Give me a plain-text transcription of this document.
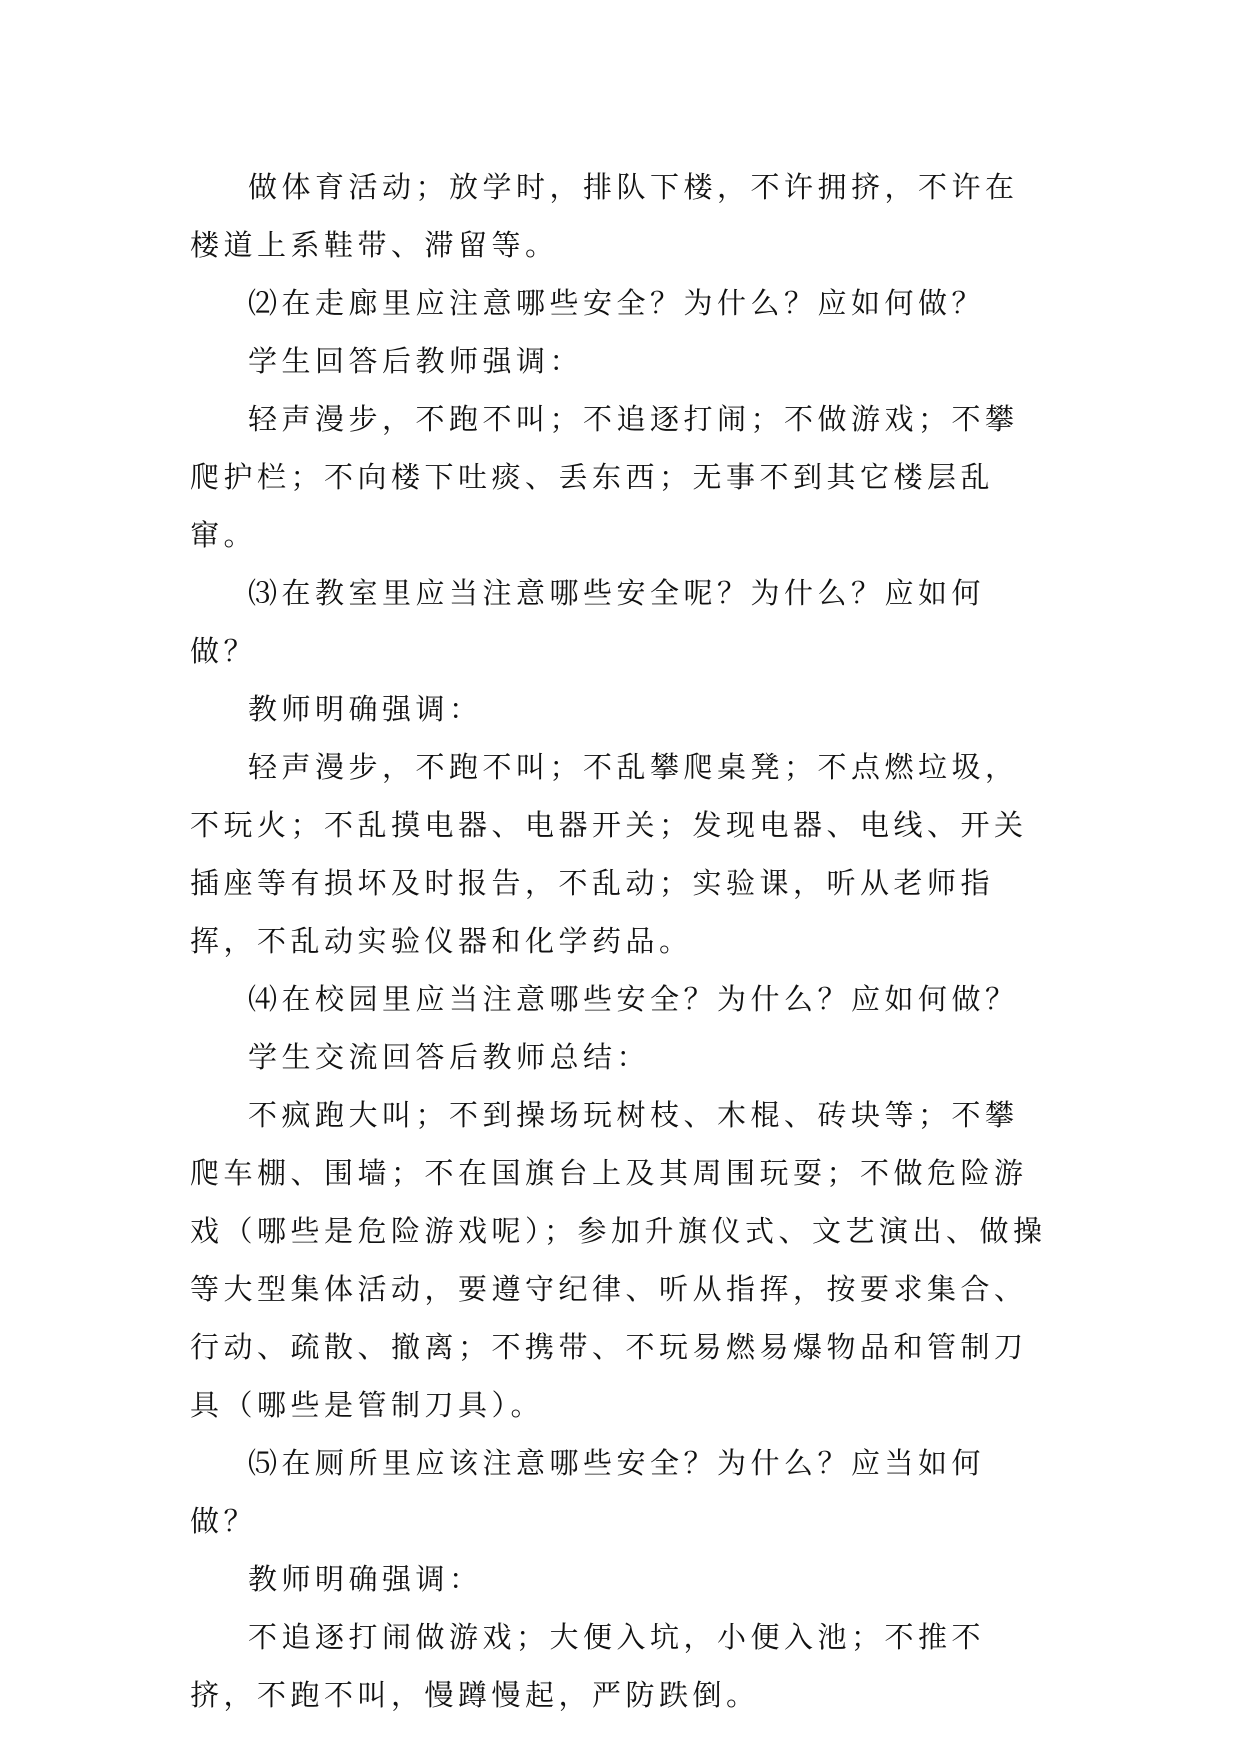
做体育活动；放学时，排队下楼，不许拥挤，不许在楼道上系鞋带、滞留等。

⑵在走廊里应注意哪些安全？为什么？应如何做？

学生回答后教师强调：

轻声漫步，不跑不叫；不追逐打闹；不做游戏；不攀爬护栏；不向楼下吐痰、丢东西；无事不到其它楼层乱窜。

⑶在教室里应当注意哪些安全呢？为什么？应如何做？

教师明确强调：

轻声漫步，不跑不叫；不乱攀爬桌凳；不点燃垃圾，不玩火；不乱摸电器、电器开关；发现电器、电线、开关插座等有损坏及时报告，不乱动；实验课，听从老师指挥，不乱动实验仪器和化学药品。

⑷在校园里应当注意哪些安全？为什么？应如何做？

学生交流回答后教师总结：

不疯跑大叫；不到操场玩树枝、木棍、砖块等；不攀爬车棚、围墙；不在国旗台上及其周围玩耍；不做危险游戏（哪些是危险游戏呢）；参加升旗仪式、文艺演出、做操等大型集体活动，要遵守纪律、听从指挥，按要求集合、行动、疏散、撤离；不携带、不玩易燃易爆物品和管制刀具（哪些是管制刀具）。

⑸在厕所里应该注意哪些安全？为什么？应当如何做？

教师明确强调：

不追逐打闹做游戏；大便入坑，小便入池；不推不挤，不跑不叫，慢蹲慢起，严防跌倒。
